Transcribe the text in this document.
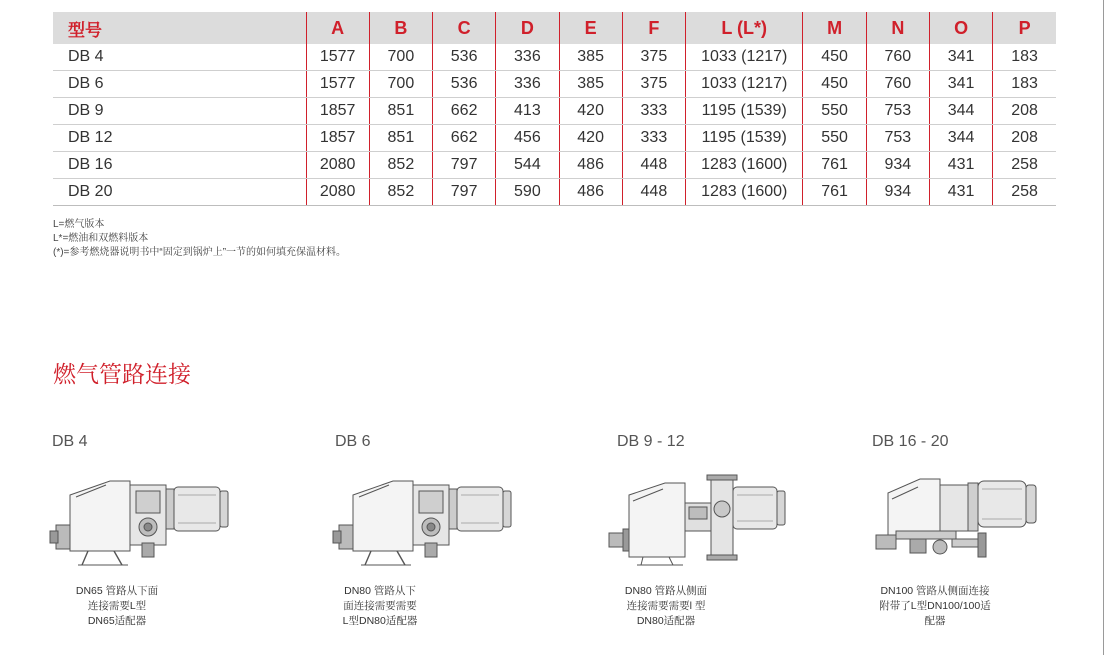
型号	A	B	C	D	E	F	L (L*)	M	N	O	P
DB 4	1577	700	536	336	385	375	1033 (1217)	450	760	341	183
DB 6	1577	700	536	336	385	375	1033 (1217)	450	760	341	183
DB 9	1857	851	662	413	420	333	1195 (1539)	550	753	344	208
DB 12	1857	851	662	456	420	333	1195 (1539)	550	753	344	208
DB 16	2080	852	797	544	486	448	1283 (1600)	761	934	431	258
DB 20	2080	852	797	590	486	448	1283 (1600)	761	934	431	258
L=燃气版本
L*=燃油和双燃料版本
(*)=参考燃烧器说明书中“固定到锅炉上”一节的如何填充保温材料。
燃气管路连接
DB 4
DN65 管路从下面
连接需要L型
DN65适配器
DB 6
DN80 管路从下
面连接需要需要
L型DN80适配器
DB 9 - 12
DN80 管路从侧面
连接需要需要l 型
DN80适配器
DB 16 - 20
DN100 管路从侧面连接
附带了L型DN100/100适
配器
